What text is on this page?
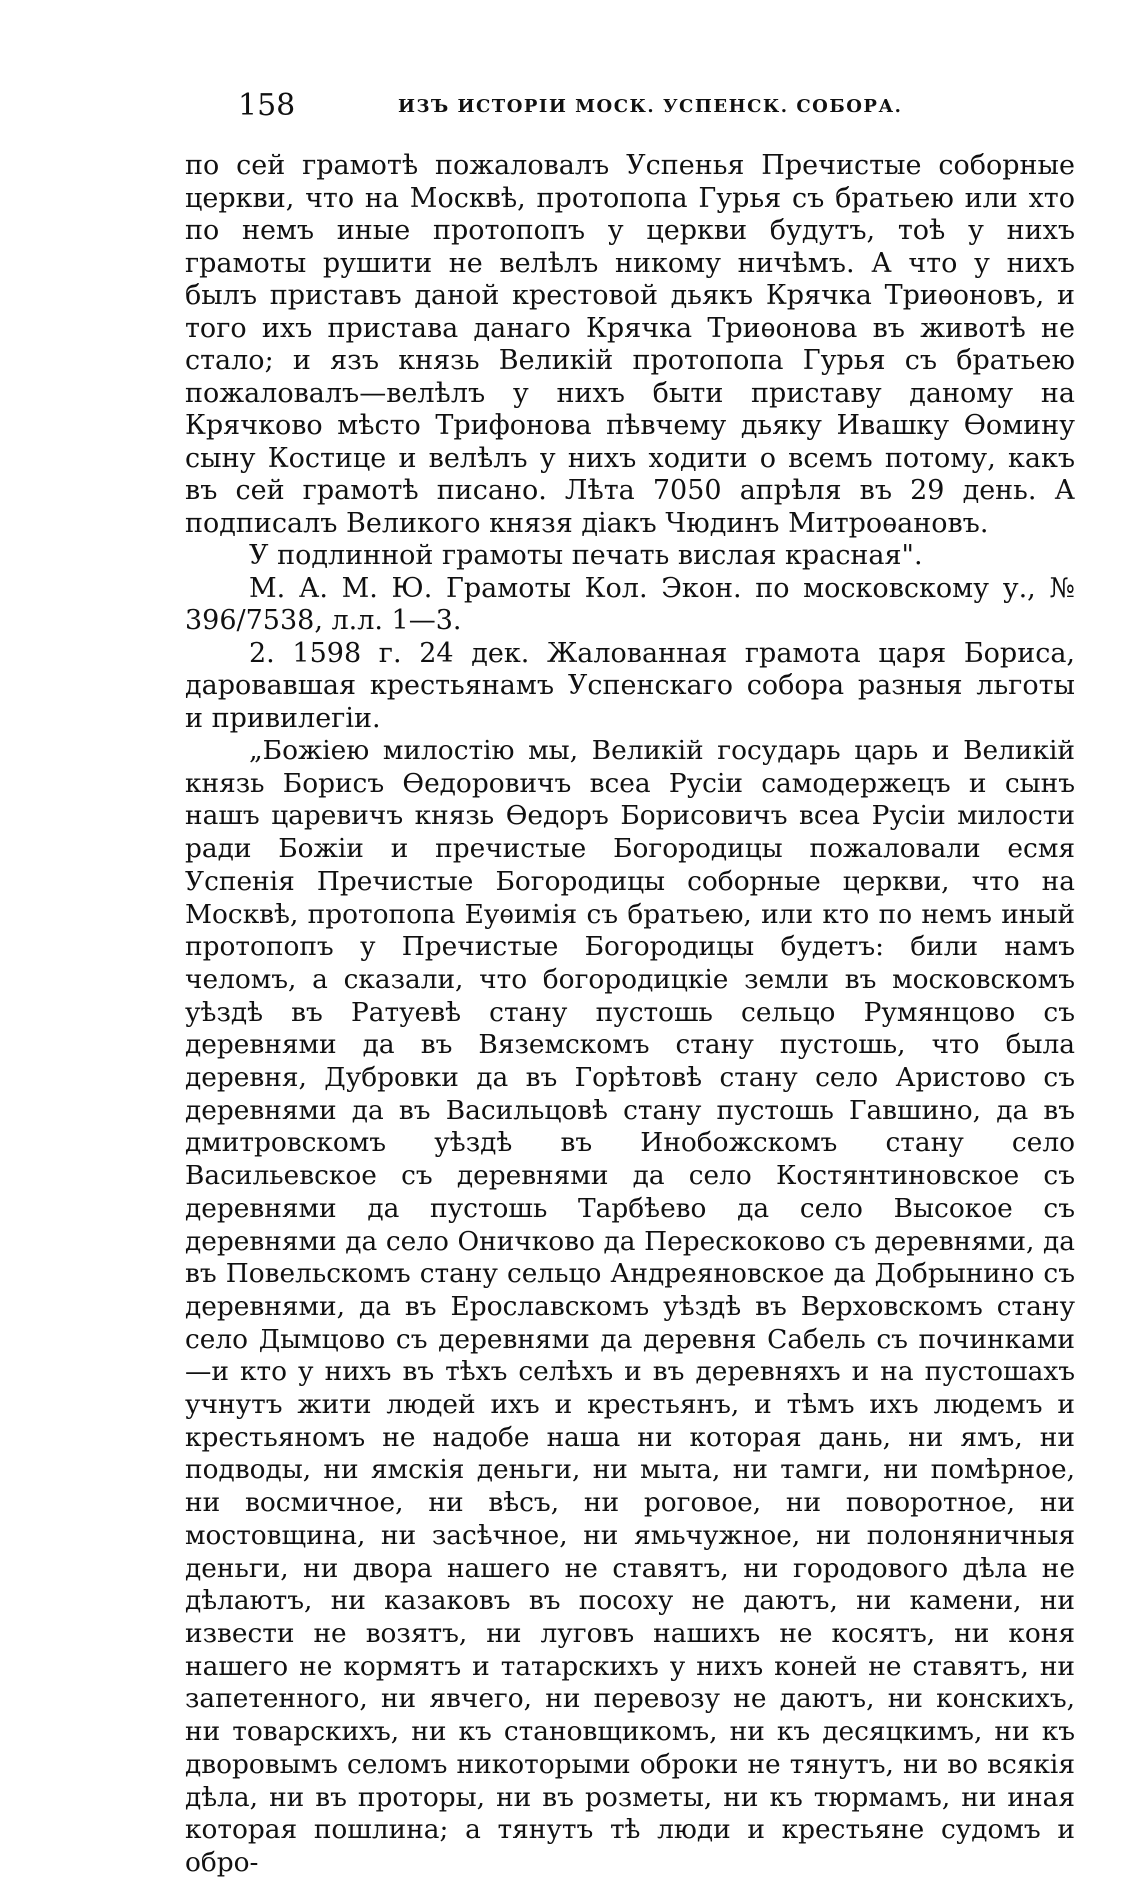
158	ИЗЪ ИСТОРІИ МОСК. УСПЕНСК. СОБОРА.

по сей грамотѣ пожаловалъ Успенья Пречистые соборные церкви, что на Москвѣ, протопопа Гурья съ братьею или хто по немъ иные протопопъ у церкви будутъ, тоѣ у нихъ грамоты рушити не велѣлъ никому ничѣмъ. А что у нихъ былъ приставъ даной крестовой дьякъ Крячка Триѳоновъ, и того ихъ пристава данаго Крячка Триѳонова въ животѣ не стало; и язъ князь Великій протопопа Гурья съ братьею пожаловалъ—велѣлъ у нихъ быти приставу даному на Крячково мѣсто Трифонова пѣвчему дьяку Ивашку Ѳомину сыну Костице и велѣлъ у нихъ ходити о всемъ потому, какъ въ сей грамотѣ писано. Лѣта 7050 апрѣля въ 29 день. А подписалъ Великого князя діакъ Чюдинъ Митроѳановъ.

У подлинной грамоты печать вислая красная".

М. А. М. Ю. Грамоты Кол. Экон. по московскому у., № 396/7538, л.л. 1—3.

2. 1598 г. 24 дек. Жалованная грамота царя Бориса, даровавшая крестьянамъ Успенскаго собора разныя льготы и привилегіи.

„Божіею милостію мы, Великій государь царь и Великій князь Борисъ Ѳедоровичъ всеа Русіи самодержецъ и сынъ нашъ царевичъ князь Ѳедоръ Борисовичъ всеа Русіи милости ради Божіи и пречистые Богородицы пожаловали есмя Успенія Пречистые Богородицы соборные церкви, что на Москвѣ, протопопа Еуѳимія съ братьею, или кто по немъ иный протопопъ у Пречистые Богородицы будетъ: били намъ челомъ, а сказали, что богородицкіе земли въ московскомъ уѣздѣ въ Ратуевѣ стану пустошь сельцо Румянцово съ деревнями да въ Вяземскомъ стану пустошь, что была деревня, Дубровки да въ Горѣтовѣ стану село Аристово съ деревнями да въ Васильцовѣ стану пустошь Гавшино, да въ дмитровскомъ уѣздѣ въ Инобожскомъ стану село Васильевское съ деревнями да село Костянтиновское съ деревнями да пустошь Тарбѣево да село Высокое съ деревнями да село Оничково да Перескоково съ деревнями, да въ Повельскомъ стану сельцо Андреяновское да Добрынино съ деревнями, да въ Ерославскомъ уѣздѣ въ Верховскомъ стану село Дымцово съ деревнями да деревня Сабель съ починками—и кто у нихъ въ тѣхъ селѣхъ и въ деревняхъ и на пустошахъ учнутъ жити людей ихъ и крестьянъ, и тѣмъ ихъ людемъ и крестьяномъ не надобе наша ни которая дань, ни ямъ, ни подводы, ни ямскія деньги, ни мыта, ни тамги, ни помѣрное, ни восмичное, ни вѣсъ, ни роговое, ни поворотное, ни мостовщина, ни засѣчное, ни ямьчужное, ни полоняничныя деньги, ни двора нашего не ставятъ, ни городового дѣла не дѣлаютъ, ни казаковъ въ посоху не даютъ, ни камени, ни извести не возятъ, ни луговъ нашихъ не косятъ, ни коня нашего не кормятъ и татарскихъ у нихъ коней не ставятъ, ни запетенного, ни явчего, ни перевозу не даютъ, ни конскихъ, ни товарскихъ, ни къ становщикомъ, ни къ десяцкимъ, ни къ дворовымъ селомъ никоторыми оброки не тянутъ, ни во всякія дѣла, ни въ проторы, ни въ розметы, ни къ тюрмамъ, ни иная которая пошлина; а тянутъ тѣ люди и крестьяне судомъ и обро-
